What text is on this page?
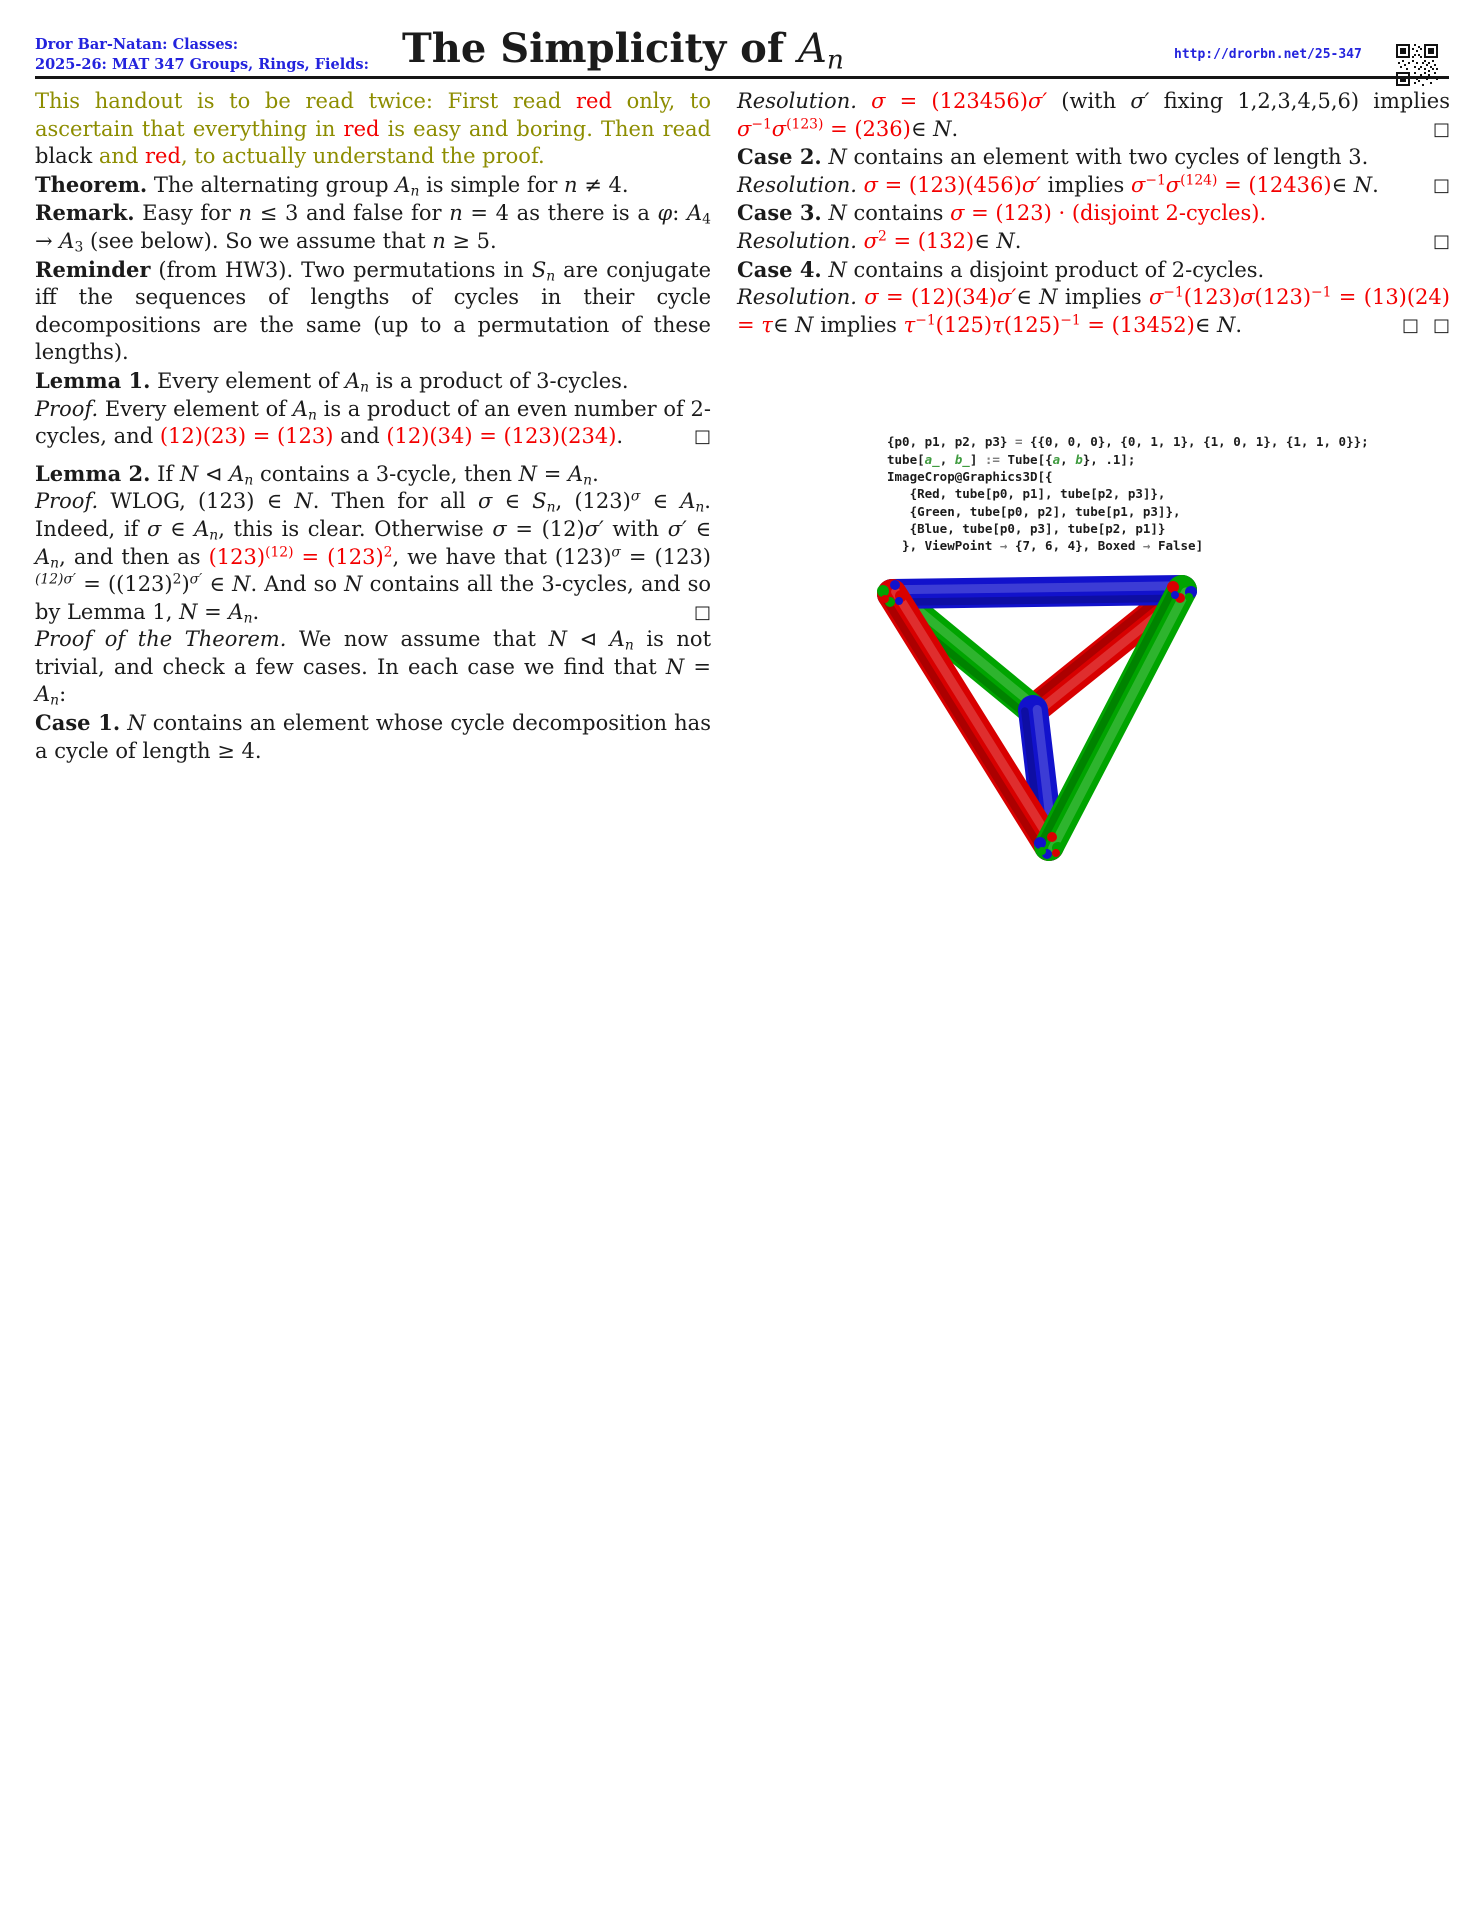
Dror Bar-Natan: Classes:
2025-26: MAT 347 Groups, Rings, Fields: The Simplicity of $A_n$	http://drorbn.net/25-347
This handout is to be read twice: First read red only, to ascertain that everything in red is easy and boring. Then read black and red, to actually understand the proof.
Theorem. The alternating group $A_n$ is simple for n ≠ 4.
Remark. Easy for n ≤ 3 and false for n = 4 as there is a φ: $A_4 \to A_3$ (see below). So we assume that n ≥ 5.
Reminder (from HW3). Two permutations in $S_n$ are conjugate iff the sequences of lengths of cycles in their cycle decompositions are the same (up to a permutation of these lengths).
Lemma 1. Every element of $A_n$ is a product of 3-cycles.
Proof. Every element of $A_n$ is a product of an even number of 2-cycles, and (12)(23) = (123) and (12)(34) = (123)(234).	□
Lemma 2. If N ⊲ $A_n$ contains a 3-cycle, then $N = A_n$.
Proof. WLOG, (123) ∈ N. Then for all σ ∈ $S_n$, $(123)^\sigma$ ∈ $A_n$. Indeed, if σ ∈ $A_n$, this is clear. Otherwise σ = (12)σ′ with σ′ ∈ $A_n$, and then as $(123)^{(12)} = (123)^2$, we have that $(123)^\sigma = (123)^{(12)\sigma'} = ((123)^2)^{\sigma'}$ ∈ N. And so N contains all the 3-cycles, and so by Lemma 1, $N = A_n$.	□
Proof of the Theorem. We now assume that N ⊲ $A_n$ is not trivial, and check a few cases. In each case we find that $N = A_n$:
Case 1. N contains an element whose cycle decomposition has a cycle of length ≥ 4.
Resolution. σ = (123456)σ′ (with σ′ fixing 1,2,3,4,5,6) implies $\sigma^{-1}\sigma^{(123)}$ = (236)∈ N.	□
Case 2. N contains an element with two cycles of length 3.
Resolution. σ = (123)(456)σ′ implies $\sigma^{-1}\sigma^{(124)}$ = (12436)∈ N.	□
Case 3. N contains σ = (123) · (disjoint 2-cycles).
Resolution. $\sigma^2$ = (132)∈ N.	□
Case 4. N contains a disjoint product of 2-cycles.
Resolution. σ = (12)(34)σ′∈ N implies $\sigma^{-1}(123)\sigma(123)^{-1} = (13)(24)$ = τ∈ N implies $\tau^{-1}(125)\tau(125)^{-1}$ = (13452)∈ N.	□
□
{p0, p1, p2, p3} = {{0, 0, 0}, {0, 1, 1}, {1, 0, 1}, {1, 1, 0}};
tube[a_, b_] := Tube[{a, b}, .1];
ImageCrop@Graphics3D[{
{Red, tube[p0, p1], tube[p2, p3]},
{Green, tube[p0, p2], tube[p1, p3]},
{Blue, tube[p0, p3], tube[p2, p1]}
}, ViewPoint → {7, 6, 4}, Boxed → False]
